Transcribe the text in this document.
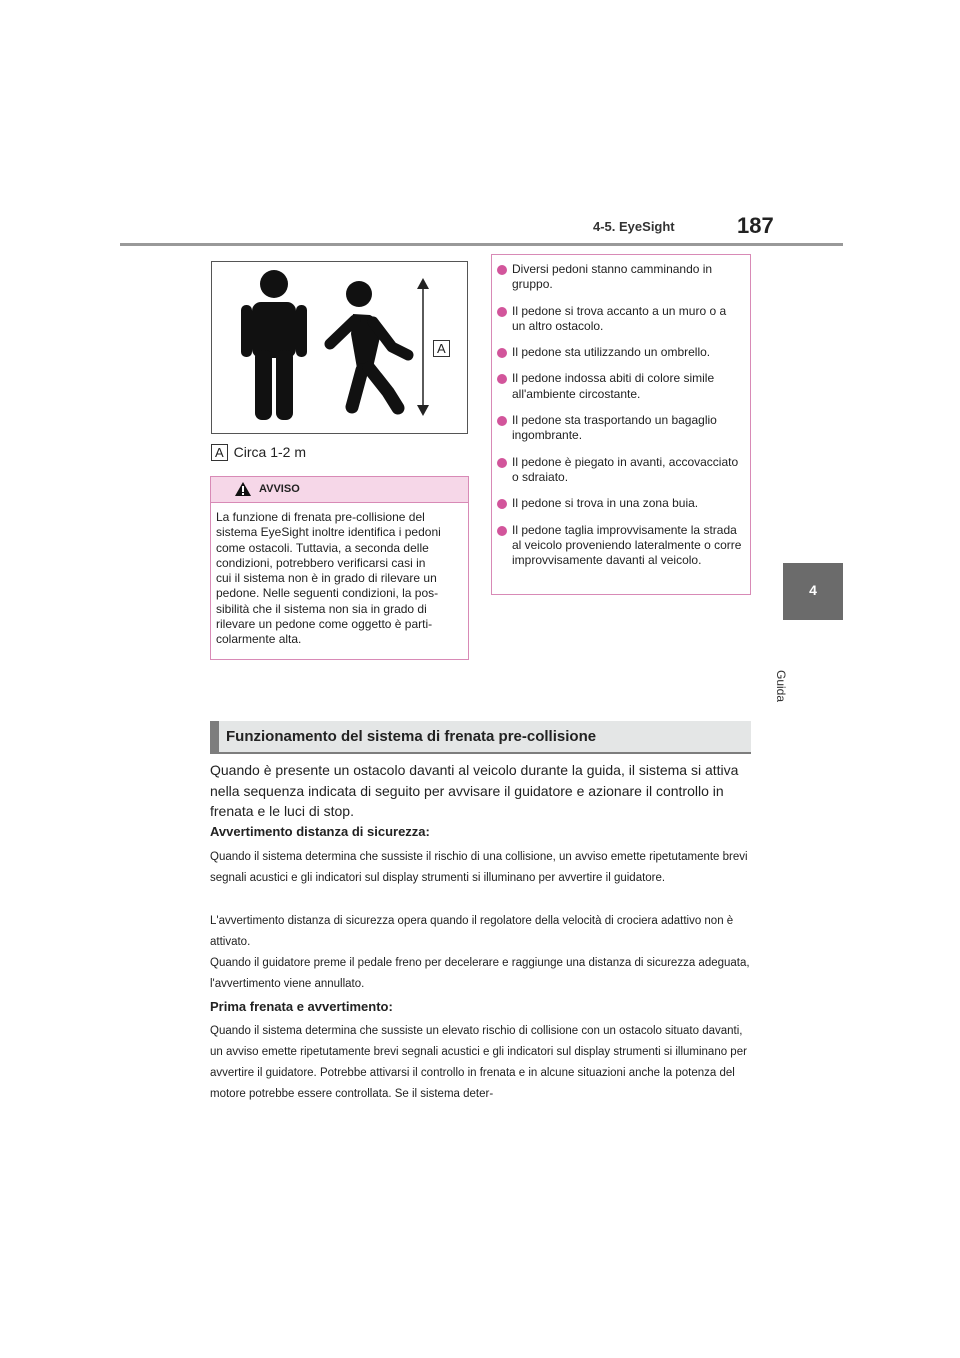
4-5. EyeSight	187
4
Guida
A
A Circa 1-2 m
AVVISO
La funzione di frenata pre-collisione del
sistema EyeSight inoltre identifica i pedoni
come ostacoli. Tuttavia, a seconda delle
condizioni, potrebbero verificarsi casi in
cui il sistema non è in grado di rilevare un
pedone. Nelle seguenti condizioni, la pos-
sibilità che il sistema non sia in grado di
rilevare un pedone come oggetto è parti-
colarmente alta.
Diversi pedoni stanno camminando in gruppo.
Il pedone si trova accanto a un muro o a un altro ostacolo.
Il pedone sta utilizzando un ombrello.
Il pedone indossa abiti di colore simile all'ambiente circostante.
Il pedone sta trasportando un bagaglio ingombrante.
Il pedone è piegato in avanti, accovacciato o sdraiato.
Il pedone si trova in una zona buia.
Il pedone taglia improvvisamente la strada al veicolo proveniendo lateralmente o corre improvvisamente davanti al veicolo.
Funzionamento del sistema di frenata pre-collisione
Quando è presente un ostacolo davanti al veicolo durante la guida, il sistema si attiva nella sequenza indicata di seguito per avvisare il guidatore e azionare il controllo in frenata e le luci di stop.
Avvertimento distanza di sicurezza:
Quando il sistema determina che sussiste il rischio di una collisione, un avviso emette ripetutamente brevi segnali acustici e gli indicatori sul display strumenti si illuminano per avvertire il guidatore.
L'avvertimento distanza di sicurezza opera quando il regolatore della velocità di crociera adattivo non è attivato.
Quando il guidatore preme il pedale freno per decelerare e raggiunge una distanza di sicurezza adeguata, l'avvertimento viene annullato.
Prima frenata e avvertimento:
Quando il sistema determina che sussiste un elevato rischio di collisione con un ostacolo situato davanti, un avviso emette ripetutamente brevi segnali acustici e gli indicatori sul display strumenti si illuminano per avvertire il guidatore. Potrebbe attivarsi il controllo in frenata e in alcune situazioni anche la potenza del motore potrebbe essere controllata. Se il sistema deter-
